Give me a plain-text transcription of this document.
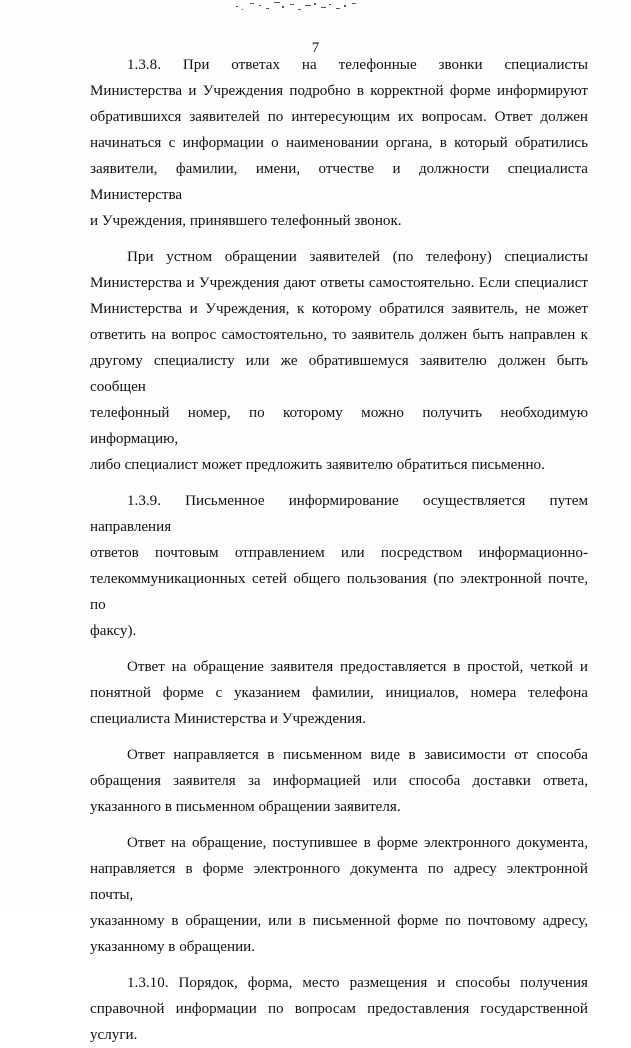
7
1.3.8. При ответах на телефонные звонки специалисты
Министерства и Учреждения подробно в корректной форме информируют
обратившихся заявителей по интересующим их вопросам. Ответ должен
начинаться с информации о наименовании органа, в который обратились
заявители, фамилии, имени, отчестве и должности специалиста Министерства
и Учреждения, принявшего телефонный звонок.
При устном обращении заявителей (по телефону) специалисты
Министерства и Учреждения дают ответы самостоятельно. Если специалист
Министерства и Учреждения, к которому обратился заявитель, не может
ответить на вопрос самостоятельно, то заявитель должен быть направлен к
другому специалисту или же обратившемуся заявителю должен быть сообщен
телефонный номер, по которому можно получить необходимую информацию,
либо специалист может предложить заявителю обратиться письменно.
1.3.9. Письменное информирование осуществляется путем направления
ответов почтовым отправлением или посредством информационно-
телекоммуникационных сетей общего пользования (по электронной почте, по
факсу).
Ответ на обращение заявителя предоставляется в простой, четкой и
понятной форме с указанием фамилии, инициалов, номера телефона
специалиста Министерства и Учреждения.
Ответ направляется в письменном виде в зависимости от способа
обращения заявителя за информацией или способа доставки ответа,
указанного в письменном обращении заявителя.
Ответ на обращение, поступившее в форме электронного документа,
направляется в форме электронного документа по адресу электронной почты,
указанному в обращении, или в письменной форме по почтовому адресу,
указанному в обращении.
1.3.10. Порядок, форма, место размещения и способы получения
справочной информации по вопросам предоставления государственной
услуги.
